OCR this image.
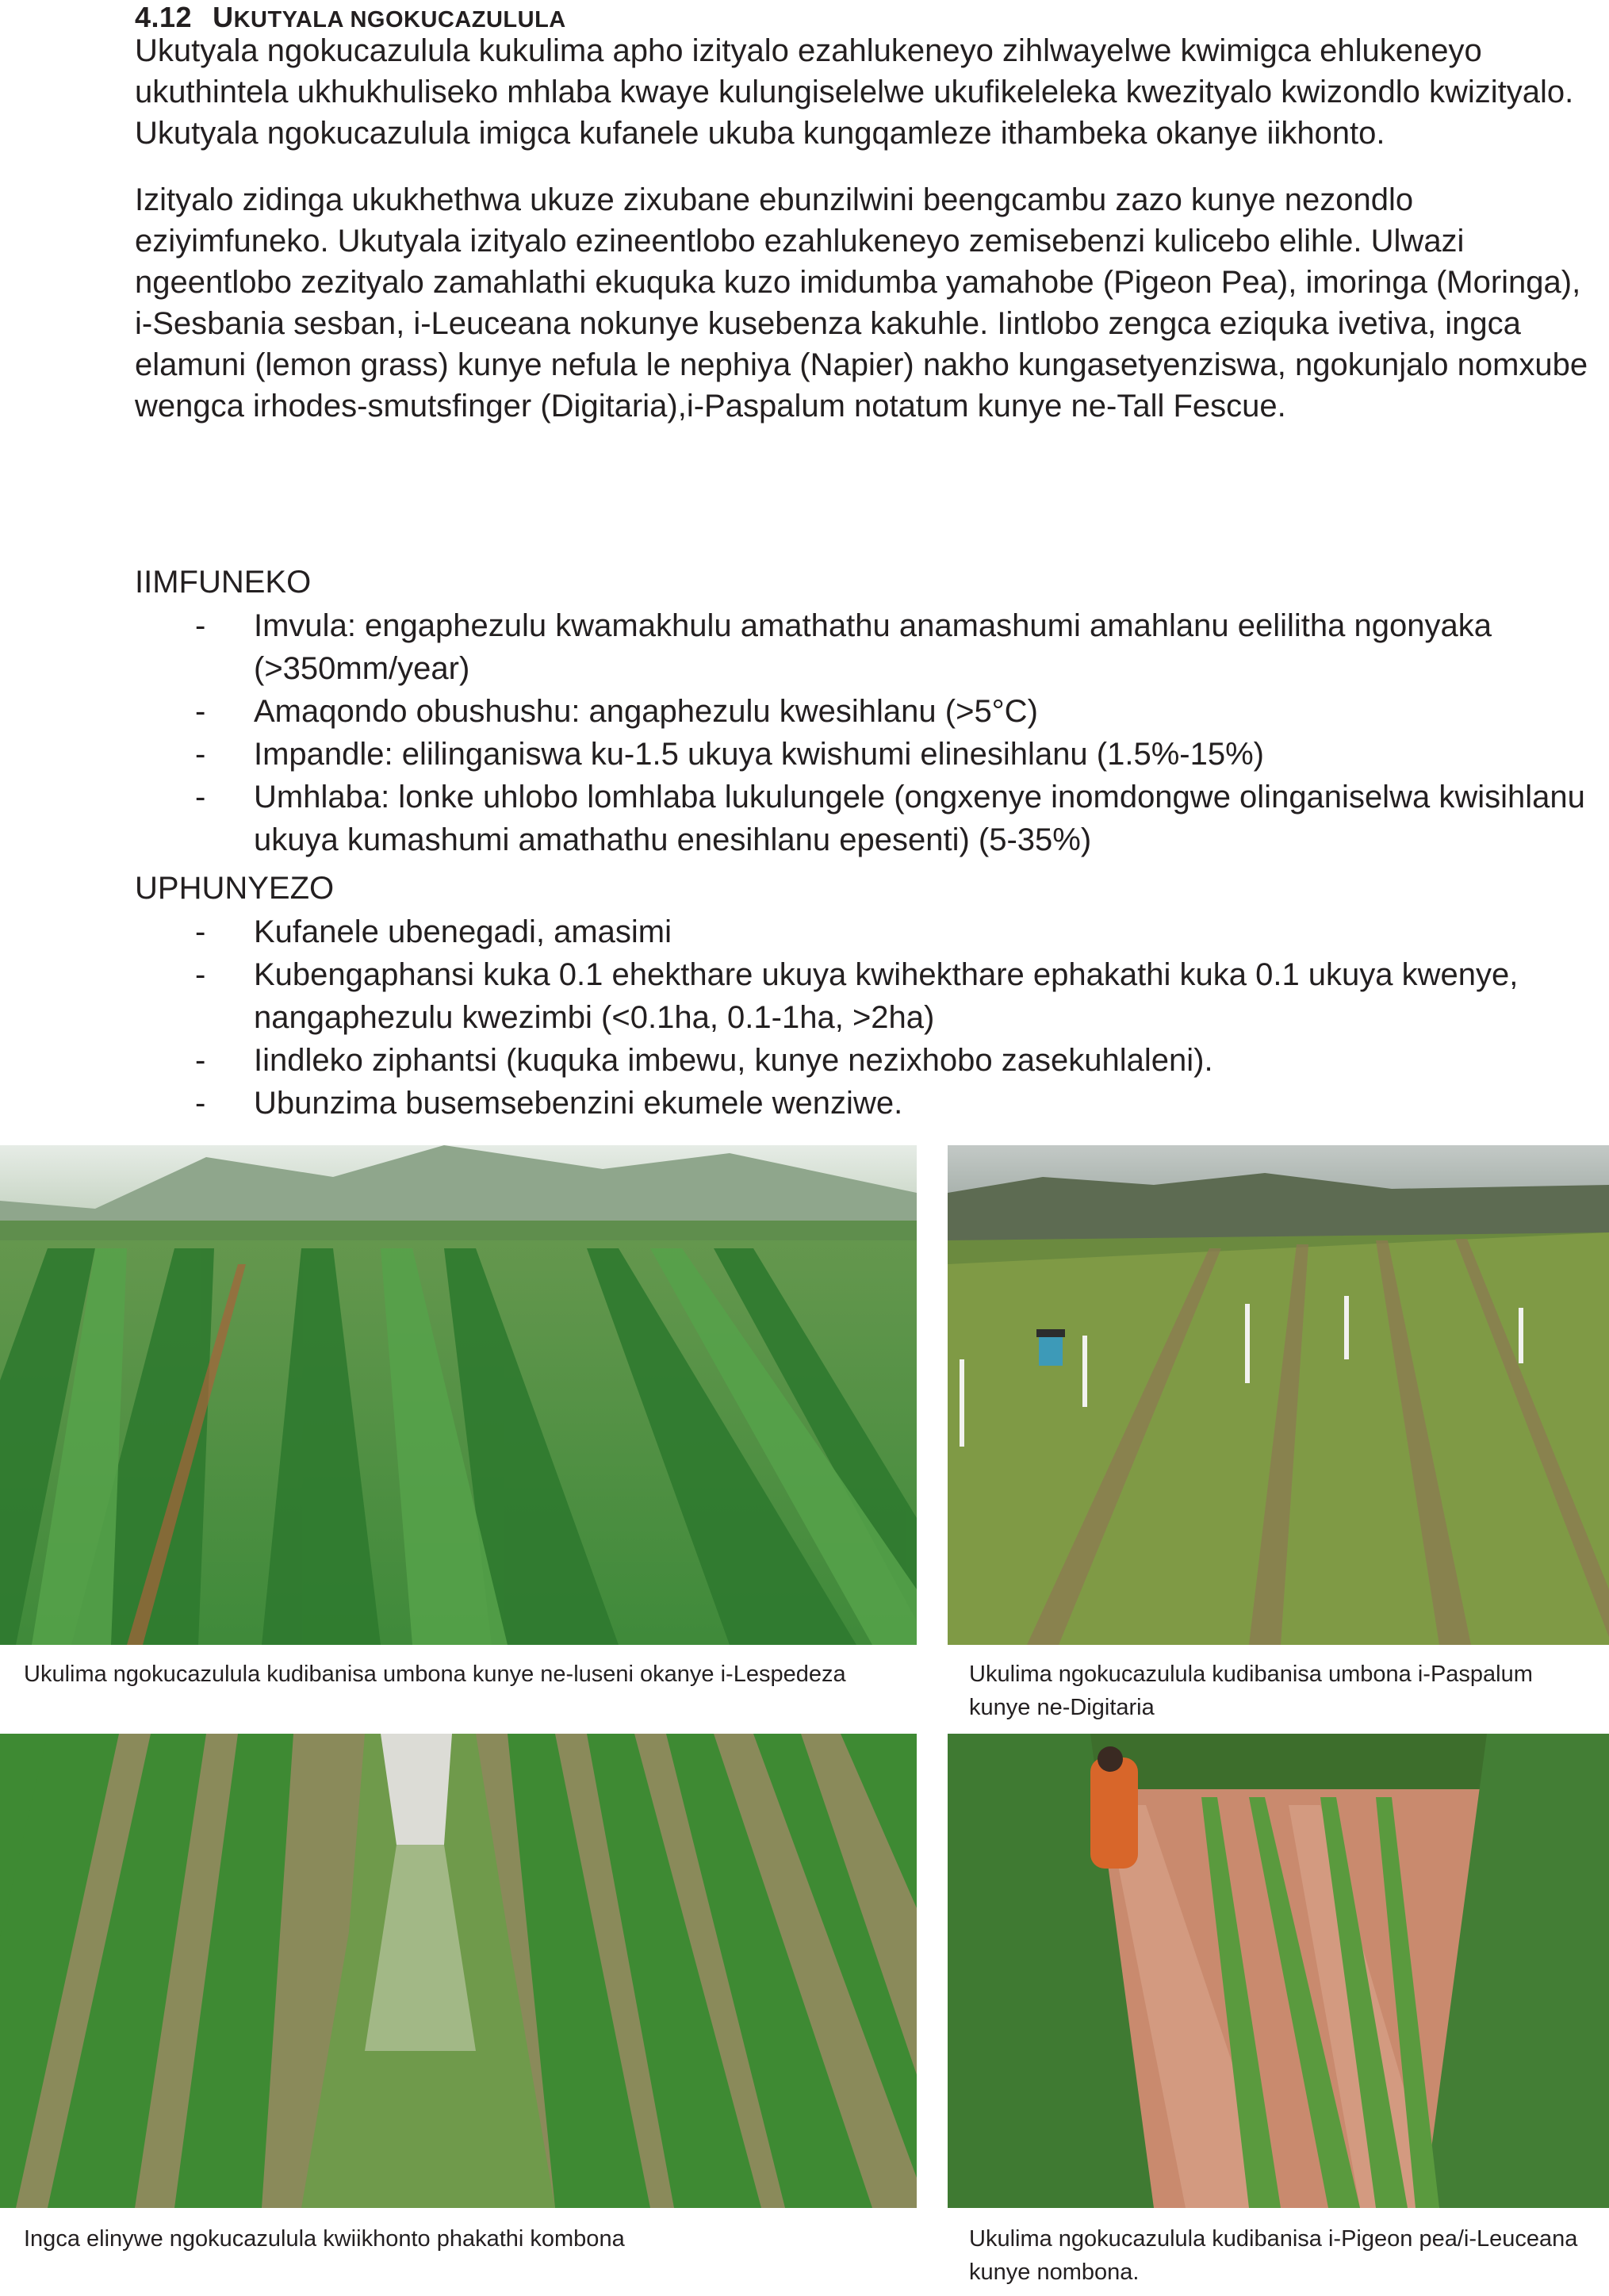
4.12 UKUTYALA NGOKUCAZULULA

Ukutyala ngokucazulula kukulima apho izityalo ezahlukeneyo zihlwayelwe kwimigca ehlukeneyo ukuthintela ukhukhuliseko mhlaba kwaye kulungiselelwe ukufikeleleka kwezityalo kwizondlo kwizityalo. Ukutyala ngokucazulula imigca kufanele ukuba kungqamleze ithambeka okanye iikhonto.

Izityalo zidinga ukukhethwa ukuze zixubane ebunzilwini beengcambu zazo kunye nezondlo eziyimfuneko. Ukutyala izityalo ezineentlobo ezahlukeneyo zemisebenzi kulicebo elihle. Ulwazi ngeentlobo zezityalo zamahlathi ekuquka kuzo imidumba yamahobe (Pigeon Pea), imoringa (Moringa), i-Sesbania sesban, i-Leuceana nokunye kusebenza kakuhle. Iintlobo zengca eziquka ivetiva, ingca elamuni (lemon grass) kunye nefula le nephiya (Napier) nakho kungasetyenziswa, ngokunjalo nomxube wengca irhodes-smutsfinger (Digitaria),i-Paspalum notatum kunye ne-Tall Fescue.

IIMFUNEKO
- Imvula: engaphezulu kwamakhulu amathathu anamashumi amahlanu eelilitha ngonyaka (>350mm/year)
- Amaqondo obushushu: angaphezulu kwesihlanu (>5°C)
- Impandle: elilinganiswa ku-1.5 ukuya kwishumi elinesihlanu (1.5%-15%)
- Umhlaba: lonke uhlobo lomhlaba lukulungele (ongxenye inomdongwe olinganiselwa kwisihlanu ukuya kumashumi amathathu enesihlanu epesenti) (5-35%)
UPHUNYEZO
- Kufanele ubenegadi, amasimi
- Kubengaphansi kuka 0.1 ehekthare ukuya kwihekthare ephakathi kuka 0.1 ukuya kwenye, nangaphezulu kwezimbi (<0.1ha, 0.1-1ha, >2ha)
- Iindleko ziphantsi (kuquka imbewu, kunye nezixhobo zasekuhlaleni).
- Ubunzima busemsebenzini ekumele wenziwe.

Ukulima ngokucazulula kudibanisa umbona kunye ne-luseni okanye i-Lespedeza	Ukulima ngokucazulula kudibanisa umbona i-Paspalum kunye ne-Digitaria

Ingca elinywe ngokucazulula kwiikhonto phakathi kombona	Ukulima ngokucazulula kudibanisa i-Pigeon pea/i-Leuceana kunye nombona.
